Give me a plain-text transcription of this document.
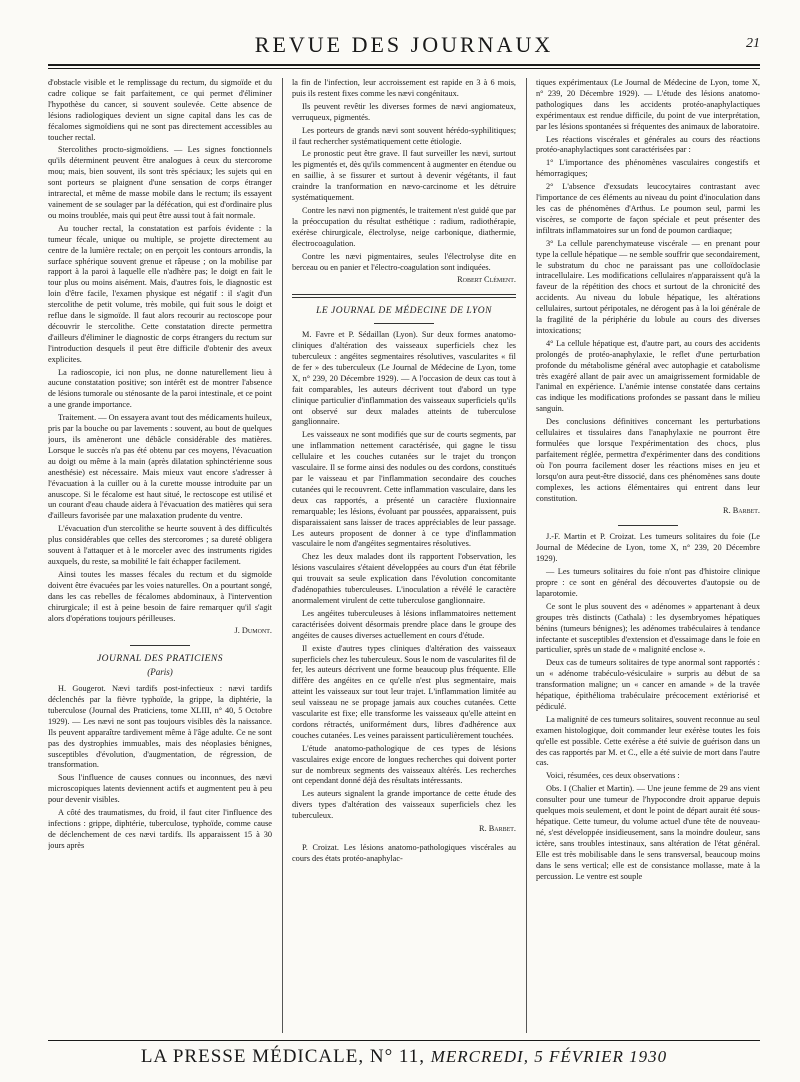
REVUE DES JOURNAUX	21

d'obstacle visible et le remplissage du rectum, du sigmoïde et du cadre colique se fait parfaitement, ce qui permet d'éliminer l'hypothèse du cancer, si souvent soulevée. Cette absence de lésions radiologiques devient un signe capital dans les cas de fécalomes sigmoïdiens qui ne sont pas directement accessibles au toucher rectal.

Stercolithes procto-sigmoïdiens. — Les signes fonctionnels qu'ils déterminent peuvent être analogues à ceux du stercorome mou; mais, bien souvent, ils sont très spéciaux; les sujets qui en sont porteurs se plaignent d'une sensation de corps étranger intrarectal, et même de masse mobile dans le rectum; ils essayent vainement de se soulager par la défécation, qui est d'ordinaire plus ou moins troublée, mais qui peut être aussi tout à fait normale.

Au toucher rectal, la constatation est parfois évidente : la tumeur fécale, unique ou multiple, se projette directement au centre de la lumière rectale; on en perçoit les contours arrondis, la surface sphérique souvent grenue et râpeuse ; on la mobilise par rapport à la paroi à laquelle elle n'adhère pas; le doigt en fait le tour plus ou moins aisément. Mais, d'autres fois, le diagnostic est loin d'être facile, l'examen physique est négatif : il s'agit d'un stercolithe de petit volume, très mobile, qui fuit sous le doigt et reflue dans le sigmoïde. Il faut alors recourir au rectoscope pour découvrir le stercolithe. Cette constatation directe permettra d'ailleurs d'éliminer le diagnostic de corps étrangers du rectum sur l'introduction desquels il peut être difficile d'obtenir des aveux explicites.

La radioscopie, ici non plus, ne donne naturellement lieu à aucune constatation positive; son intérêt est de montrer l'absence de lésions tumorale ou sténosante de la paroi intestinale, et ce point a une grande importance.

Traitement. — On essayera avant tout des médicaments huileux, pris par la bouche ou par lavements : souvent, au bout de quelques jours, ils amèneront une débâcle considérable des matières. Lorsque le succès n'a pas été obtenu par ces moyens, l'évacuation au doigt ou même à la main (après dilatation sphinctérienne sous anesthésie) est nécessaire. Mais mieux vaut encore s'adresser à l'évacuation à la cuiller ou à la curette mousse introduite par un anuscope. Si le fécalome est haut situé, le rectoscope est utilisé et un courant d'eau chaude aidera à l'évacuation des matières qui sera d'ailleurs favorisée par une malaxation prudente du ventre.

L'évacuation d'un stercolithe se heurte souvent à des difficultés plus considérables que celles des stercoromes ; sa dureté obligera souvent à l'attaquer et à le morceler avec des instruments rigides auxquels, du reste, sa mobilité le fait échapper facilement.

Ainsi toutes les masses fécales du rectum et du sigmoïde doivent être évacuées par les voies naturelles. On a pourtant songé, dans les cas rebelles de fécalomes abdominaux, à l'intervention chirurgicale; il est à peine besoin de faire remarquer qu'il s'agit alors d'opérations toujours périlleuses.

J. Dumont.

JOURNAL DES PRATICIENS
(Paris)

H. Gougerot. Nævi tardifs post-infectieux : nævi tardifs déclenchés par la fièvre typhoïde, la grippe, la diphtérie, la tuberculose (Journal des Praticiens, tome XLIII, n° 40, 5 Octobre 1929). — Les nævi ne sont pas toujours visibles dès la naissance. Ils peuvent apparaître tardivement même à l'âge adulte. Ce ne sont pas des dystrophies immuables, mais des néoplasies bénignes, susceptibles d'évolution, d'augmentation, de régression, de transformation.

Sous l'influence de causes connues ou inconnues, des nævi microscopiques latents deviennent actifs et augmentent peu à peu pour devenir visibles.

A côté des traumatismes, du froid, il faut citer l'influence des infections : grippe, diphtérie, tuberculose, typhoïde, comme cause de déclenchement de ces nævi tardifs. Ils apparaissent 15 à 30 jours après

la fin de l'infection, leur accroissement est rapide en 3 à 6 mois, puis ils restent fixes comme les nævi congénitaux.

Ils peuvent revêtir les diverses formes de nævi angiomateux, verruqueux, pigmentés.

Les porteurs de grands nævi sont souvent hérédo-syphilitiques; il faut rechercher systématiquement cette étiologie.

Le pronostic peut être grave. Il faut surveiller les nævi, surtout les pigmentés et, dès qu'ils commencent à augmenter en étendue ou en saillie, à se fissurer et surtout à devenir végétants, il faut craindre la tranformation en nævo-carcinome et les détruire systématiquement.

Contre les nævi non pigmentés, le traitement n'est guidé que par la préoccupation du résultat esthétique : radium, radiothérapie, exérèse chirurgicale, électrolyse, neige carbonique, diathermie, électrocoagulation.

Contre les nævi pigmentaires, seules l'électrolyse dite en berceau ou en panier et l'électro-coagulation sont indiquées.

Robert Clément.

LE JOURNAL DE MÉDECINE DE LYON

M. Favre et P. Sédaillan (Lyon). Sur deux formes anatomo-cliniques d'altération des vaisseaux superficiels chez les tuberculeux : angéites segmentaires résolutives, vascularites « fil de fer » des tuberculeux (Le Journal de Médecine de Lyon, tome X, n° 239, 20 Décembre 1929). — A l'occasion de deux cas tout à fait comparables, les auteurs décrivent tout d'abord un type clinique particulier d'inflammation des vaisseaux superficiels qu'ils ont observé sur deux malades atteints de tuberculose ganglionnaire.

Les vaisseaux ne sont modifiés que sur de courts segments, par une inflammation nettement caractérisée, qui gagne le tissu cellulaire et les couches cutanées sur le trajet du tronçon vasculaire. Il se forme ainsi des nodules ou des cordons, constitués par le vaisseau et par l'inflammation secondaire des couches cutanées qui le recouvrent. Cette inflammation vasculaire, dans les deux cas rapportés, a présenté un caractère fluxionnaire remarquable; les lésions, évoluant par poussées, apparaissent, puis disparaissaient sans laisser de traces appréciables de leur passage. Les auteurs proposent de donner à ce type d'inflammation vasculaire le nom d'angéites segmentaires résolutives.

Chez les deux malades dont ils rapportent l'observation, les lésions vasculaires s'étaient développées au cours d'un état fébrile qui trouvait sa seule explication dans l'évolution concomitante d'adénopathies tuberculeuses. L'inoculation a révélé le caractère anormalement virulent de cette tuberculose ganglionnaire.

Les angéites tuberculeuses à lésions inflammatoires nettement caractérisées doivent désormais prendre place dans le groupe des angéites de causes diverses actuellement en cours d'étude.

Il existe d'autres types cliniques d'altération des vaisseaux superficiels chez les tuberculeux. Sous le nom de vascularites fil de fer, les auteurs décrivent une forme beaucoup plus fréquente. Elle diffère des angéites en ce qu'elle n'est plus segmentaire, mais atteint les vaisseaux sur tout leur trajet. L'inflammation limitée au seul vaisseau ne se propage jamais aux couches cutanées. Cette vascularite est fixe; elle transforme les vaisseaux qu'elle atteint en cordons rétractés, uniformément durs, libres d'adhérence aux couches cutanées. Les veines paraissent particulièrement touchées.

L'étude anatomo-pathologique de ces types de lésions vasculaires exige encore de longues recherches qui doivent porter sur de nombreux segments des vaisseaux altérés. Les recherches ont cependant donné déjà des résultats intéressants.

Les auteurs signalent la grande importance de cette étude des divers types d'altération des vaisseaux superficiels chez les tuberculeux.

R. Barbet.

P. Croizat. Les lésions anatomo-pathologiques viscérales au cours des états protéo-anaphylac-

tiques expérimentaux (Le Journal de Médecine de Lyon, tome X, n° 239, 20 Décembre 1929). — L'étude des lésions anatomo-pathologiques dans les accidents protéo-anaphylactiques expérimentaux est rendue difficile, du point de vue interprétation, par les lésions spontanées si fréquentes des animaux de laboratoire.

Les réactions viscérales et générales au cours des réactions protéo-anaphylactiques sont caractérisées par :

1° L'importance des phénomènes vasculaires congestifs et hémorragiques;

2° L'absence d'exsudats leucocytaires contrastant avec l'importance de ces éléments au niveau du point d'inoculation dans les cas de phénomènes d'Arthus. Le poumon seul, parmi les viscères, se comporte de façon spéciale et peut présenter des infiltrats inflammatoires sur un fond de poumon cardiaque;

3° La cellule parenchymateuse viscérale — en prenant pour type la cellule hépatique — ne semble souffrir que secondairement, le substratum du choc ne paraissant pas une colloïdoclasie intracellulaire. Les modifications cellulaires n'apparaissent qu'à la faveur de la répétition des chocs et surtout de la chronicité des accidents. Au niveau du lobule hépatique, les altérations cellulaires, surtout péripotales, ne dérogent pas à la loi générale de la fragilité de la périphérie du lobule au cours des diverses intoxications;

4° La cellule hépatique est, d'autre part, au cours des accidents prolongés de protéo-anaphylaxie, le reflet d'une perturbation profonde du métabolisme général avec autophagie et catabolisme très exagéré allant de pair avec un amaigrissement formidable de l'animal en expérience. L'anémie intense constatée dans certains cas indique les modifications profondes se passant dans le milieu sanguin.

Des conclusions définitives concernant les perturbations cellulaires et tissulaires dans l'anaphylaxie ne pourront être formulées que lorsque l'expérimentation des chocs, plus parfaitement réglée, permettra d'expérimenter dans des conditions où l'on pourra facilement doser les réactions mises en jeu et lorsqu'on aura peut-être dissocié, dans ces phénomènes sans doute complexes, les actions élémentaires qui entrent dans leur constitution.

R. Barbet.

J.-F. Martin et P. Croizat. Les tumeurs solitaires du foie (Le Journal de Médecine de Lyon, tome X, n° 239, 20 Décembre 1929).

— Les tumeurs solitaires du foie n'ont pas d'histoire clinique propre : ce sont en général des découvertes d'autopsie ou de laparotomie.

Ce sont le plus souvent des « adénomes » appartenant à deux groupes très distincts (Cathala) : les dysembryomes hépatiques bénins (tumeurs bénignes); les adénomes trabéculaires à tendance infectante et susceptibles d'extension et d'essaimage dans le foie en particulier, sprès un stade de « malignité enclose ».

Deux cas de tumeurs solitaires de type anormal sont rapportés : un « adénome trabéculo-vésiculaire » surpris au début de sa transformation maligne; un « cancer en amande » de la travée hépatique, épithélioma trabéculaire précocement extériorisé et pédiculé.

La malignité de ces tumeurs solitaires, souvent reconnue au seul examen histologique, doit commander leur exérèse toutes les fois qu'elle est possible. Cette exérèse a été suivie de guérison dans un des cas rapportés par M. et C., elle a été suivie de mort dans l'autre cas.

Voici, résumées, ces deux observations :

Obs. I (Chalier et Martin). — Une jeune femme de 29 ans vient consulter pour une tumeur de l'hypocondre droit apparue depuis quelques mois seulement, et dont le point de départ aurait été sous-hépatique. Cette tumeur, du volume actuel d'une tête de nouveau-né, s'est développée insidieusement, sans la moindre douleur, sans ictère, sans troubles intestinaux, sans altération de l'état général. Elle est très mobilisable dans le sens transversal, beaucoup moins dans le sens vertical; elle est de consistance mollasse, mate à la percussion. Le ventre est souple

LA PRESSE MÉDICALE, N° 11, MERCREDI, 5 FÉVRIER 1930
